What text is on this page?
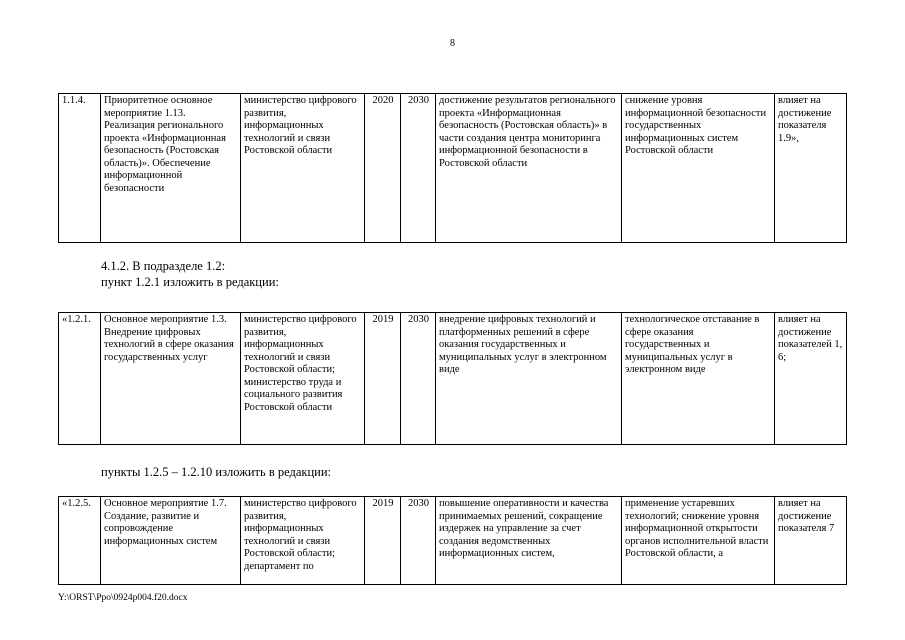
8
1.1.4.	Приоритетное основное мероприятие 1.13. Реализация регионального проекта «Информационная безопасность (Ростовская область)». Обеспечение информационной безопасности	министерство цифрового развития, информационных технологий и связи Ростовской области	2020	2030	достижение результатов регионального проекта «Информационная безопасность (Ростовская область)» в части создания центра мониторинга информационной безопасности в Ростовской области	снижение уровня информационной безопасности государственных информационных систем Ростовской области	влияет на достижение показателя 1.9»,
4.1.2. В подразделе 1.2:
пункт 1.2.1 изложить в редакции:
«1.2.1.	Основное мероприятие 1.3. Внедрение цифровых технологий в сфере оказания государственных услуг	министерство цифрового развития, информационных технологий и связи Ростовской области; министерство труда и социального развития Ростовской области	2019	2030	внедрение цифровых технологий и платформенных решений в сфере оказания государственных и муниципальных услуг в электронном виде	технологическое отставание в сфере оказания государственных и муниципальных услуг в электронном виде	влияет на достижение показателей 1, 6;
пункты 1.2.5 – 1.2.10 изложить в редакции:
«1.2.5.	Основное мероприятие 1.7. Создание, развитие и сопровождение информационных систем	министерство цифрового развития, информационных технологий и связи Ростовской области; департамент по	2019	2030	повышение оперативности и качества принимаемых решений, сокращение издержек на управление за счет создания ведомственных информационных систем,	применение устаревших технологий; снижение уровня информационной открытости органов исполнительной власти Ростовской области, а	влияет на достижение показателя 7
Y:\ORST\Ppo\0924p004.f20.docx
